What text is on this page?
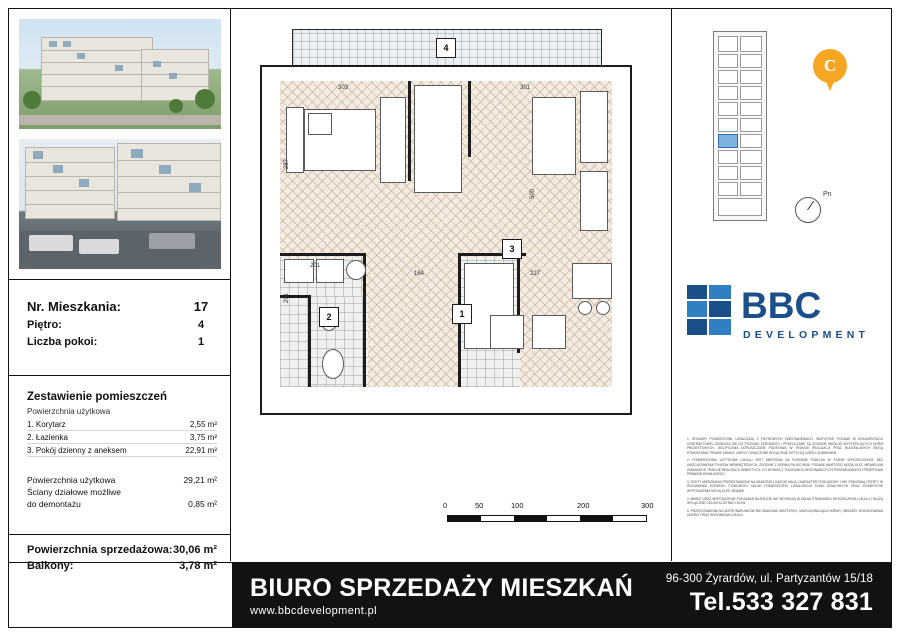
Nr. Mieszkania:	17
Piętro:	4
Liczba pokoi:	1
Zestawienie pomieszczeń
Powierzchnia użytkowa
1. Korytarz	2,55 m²
2. Łazienka	3,75 m²
3. Pokój dzienny z aneksem	22,91 m²
Powierzchnia użytkowa	29,21 m²
Ściany działowe możliwe
do demontażu	0,85 m²
Powierzchnia sprzedażowa: 30,06 m²
Balkony:	3,78 m²
4
303	301
287
500
201
201
164	227
3
2	1
0	50	100	200	300
C
Pn
BBC
DEVELOPMENT

1. WYMIARY POWIERZCHNI, UZNACZAJĄ Z PIĘTROWYCH ZAESTAWIENIACH, WSZYSTKIE PODANE W DOKUMENTACJI KONTRAKTOWEJ ODNOSZĄ SIĘ DO POZIOMU ZEROWEGO I PRZELICZANE SĄ ZGODNIE WEDŁUG WYSTĘPUJĄCYCH NORM PROJEKTOWYCH. ODCHYLENIA DOPUSZCZONE PODSTAWĄ W TRAKCIE REALIZACJI PRAC BUDOWLANYCH MOGĄ POWODOWAĆ PEWNE ZMIANY. ZAPISY OZNACZONE WYŁĄCZNIE DOTYCZĄ CZĘŚCI SUBHENIEM.

2. POWIERZCHNIA UŻYTKOWA LOKALU JEST MIERZONA NA POZIOMIE PODŁOGI W STANIE WYKOŃCZONYM, BEZ UWZGLĘDNIENIA TYNKÓW WEWNĘTRZNYCH, ZGODNIE Z NORMĄ PN-ISO 9836. PODANE WARTOŚCI MOGĄ ULEC NIEWIELKIM ZMIANOM W TRAKCIE REALIZACJI INWESTYCJI, CO WYNIKA Z TOLERANCJI WYKONAWCZYCH PRZEWIDZIANYCH PRZEPISAMI PRAWA BUDOWLANEGO.

3. RZUTY MIESZKANIA PRZEDSTAWIONE NA NINIEJSZEJ KARCIE MAJĄ CHARAKTER POGLĄDOWY I NIE STANOWIĄ OFERTY W ROZUMIENIU KODEKSU CYWILNEGO. UKŁAD POMIESZCZEŃ, LOKALIZACJA ŚCIAN DZIAŁOWYCH ORAZ ELEMENTÓW WYPOSAŻENIA MOGĄ ULEC ZMIANIE.

4. MEBLE ORAZ WYPOSAŻENIE POKAZANE NA RZUCIE NIE WCHODZĄ W SKŁAD STANDARDU WYKOŃCZENIA LOKALU I SŁUŻĄ WYŁĄCZNIE CELOM ILUSTRACYJNYM.

5. PRZEDSTAWIONA NA WZÓR WARUNKÓW NIE WIADOMO WSZYSTKO, UWZGLĘDNIAJĄCA NORMY, OBSZARY DOKONYWANIA UMOWY ORAZ WYKONANIA LOKALU.

BIURO SPRZEDAŻY MIESZKAŃ
www.bbcdevelopment.pl
96-300 Żyrardów, ul. Partyzantów 15/18
Tel.533 327 831
